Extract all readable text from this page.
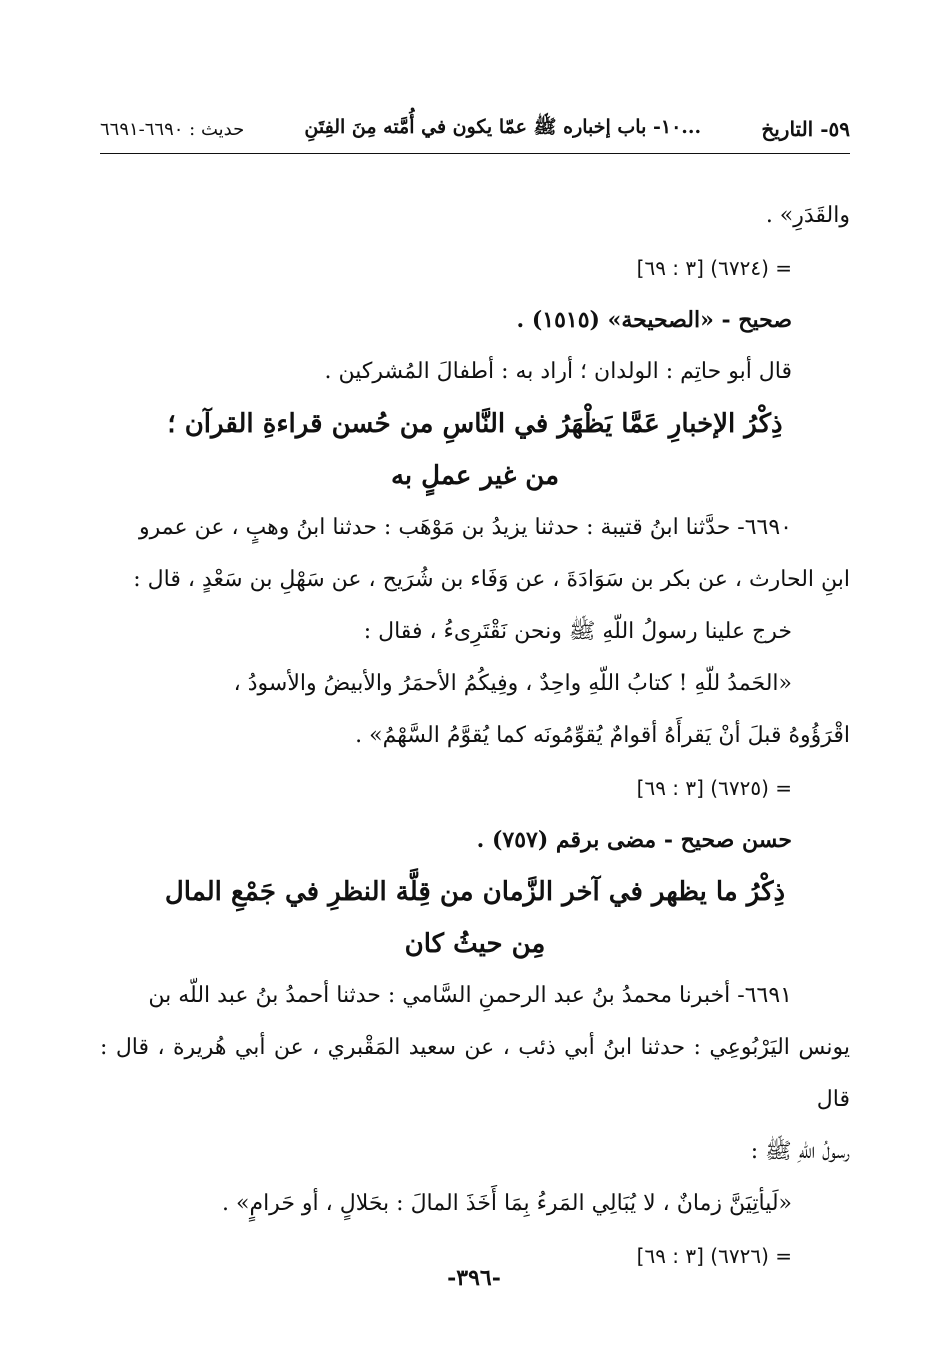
حديث : ٦٦٩٠-٦٦٩١	١٠- باب إخباره ﷺ عمّا يكون في أُمَّته مِنَ الفِتَنِ...	٥٩- التاريخ

والقَدَرِ» .

= (٦٧٢٤) [٣ : ٦٩]

صحيح - «الصحيحة» (١٥١٥) .

قال أبو حاتِم : الولدان ؛ أراد به : أطفالَ المُشركين .

ذِكْرُ الإخبارِ عَمَّا يَظْهَرُ في النَّاسِ من حُسن قراءةِ القرآن ؛

من غير عملٍ به

٦٦٩٠- حدَّثنا ابنُ قتيبة : حدثنا يزيدُ بن مَوْهَب : حدثنا ابنُ وهبٍ ، عن عمرو

ابنِ الحارث ، عن بكر بن سَوَادَةَ ، عن وَفَاء بن شُرَيح ، عن سَهْلِ بن سَعْدٍ ، قال :

خرج علينا رسولُ اللّهِ ﷺ ونحن نَقْتَرِىءُ ، فقال :

«الحَمدُ للّهِ ! كتابُ اللّهِ واحِدٌ ، وفِيكُمُ الأحمَرُ والأبيضُ والأسودُ ،

اقْرَؤُوهُ قبلَ أنْ يَقرأَهُ أقوامٌ يُقوِّمُونَه كما يُقوَّمُ السَّهْمُ» .

= (٦٧٢٥) [٣ : ٦٩]

حسن صحيح - مضى برقم (٧٥٧) .

ذِكْرُ ما يظهر في آخر الزَّمان من قِلَّة النظرِ في جَمْعِ المال

مِن حيثُ كان

٦٦٩١- أخبرنا محمدُ بنُ عبد الرحمنِ السَّامي : حدثنا أحمدُ بنُ عبد اللّه بن

يونس اليَرْبُوعِي : حدثنا ابنُ أبي ذئب ، عن سعيد المَقْبري ، عن أبي هُريرة ، قال : قال

رسولُ اللّهِ ﷺ :

«لَيأتِيَنَّ زمانٌ ، لا يُبَالِي المَرءُ بِمَا أَخَذَ المالَ : بحَلالٍ ، أو حَرامٍ» .

= (٦٧٢٦) [٣ : ٦٩]

-٣٩٦-
